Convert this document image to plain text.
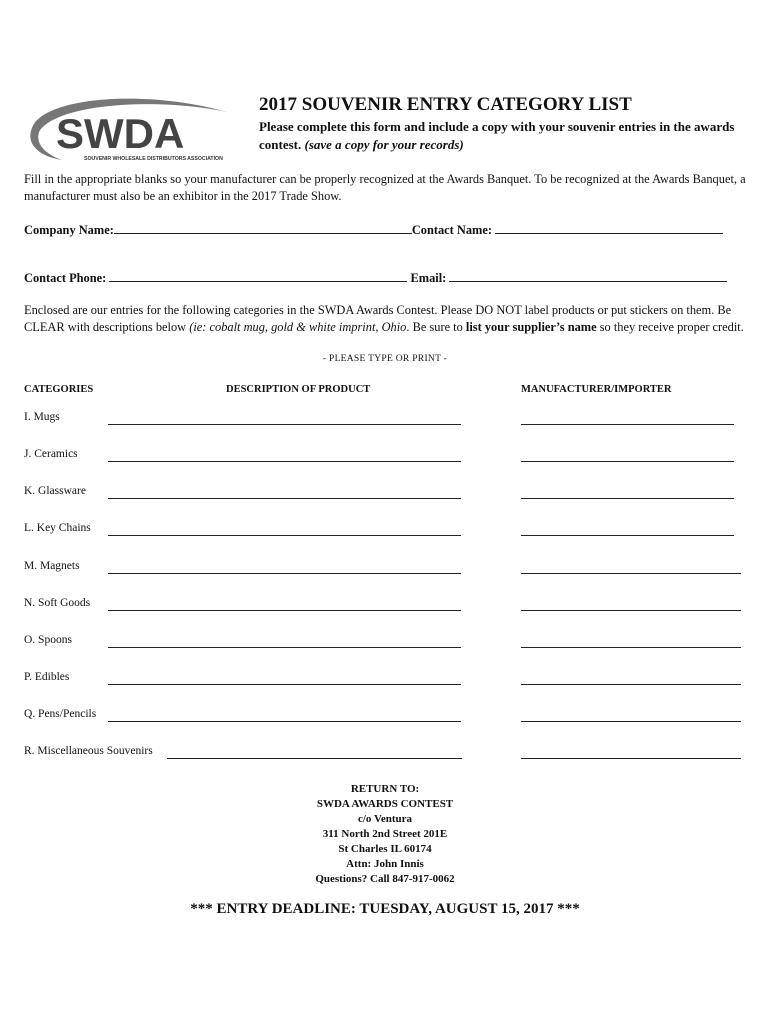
SWDA
SOUVENIR WHOLESALE DISTRIBUTORS ASSOCIATION
2017 SOUVENIR ENTRY CATEGORY LIST
Please complete this form and include a copy with your souvenir entries in the awards contest. (save a copy for your records)
Fill in the appropriate blanks so your manufacturer can be properly recognized at the Awards Banquet. To be recognized at the Awards Banquet, a manufacturer must also be an exhibitor in the 2017 Trade Show.
Company Name:	Contact Name:
Contact Phone:	Email:
Enclosed are our entries for the following categories in the SWDA Awards Contest. Please DO NOT label products or put stickers on them. Be CLEAR with descriptions below (ie: cobalt mug, gold & white imprint, Ohio. Be sure to list your supplier’s name so they receive proper credit.
- PLEASE TYPE OR PRINT -
CATEGORIES	DESCRIPTION OF PRODUCT	MANUFACTURER/IMPORTER
I. Mugs
J. Ceramics
K. Glassware
L. Key Chains
M. Magnets
N. Soft Goods
O. Spoons
P. Edibles
Q. Pens/Pencils
R. Miscellaneous Souvenirs
RETURN TO:
SWDA AWARDS CONTEST
c/o Ventura
311 North 2nd Street 201E
St Charles IL 60174
Attn: John Innis
Questions? Call 847-917-0062
*** ENTRY DEADLINE: TUESDAY, AUGUST 15, 2017 ***
